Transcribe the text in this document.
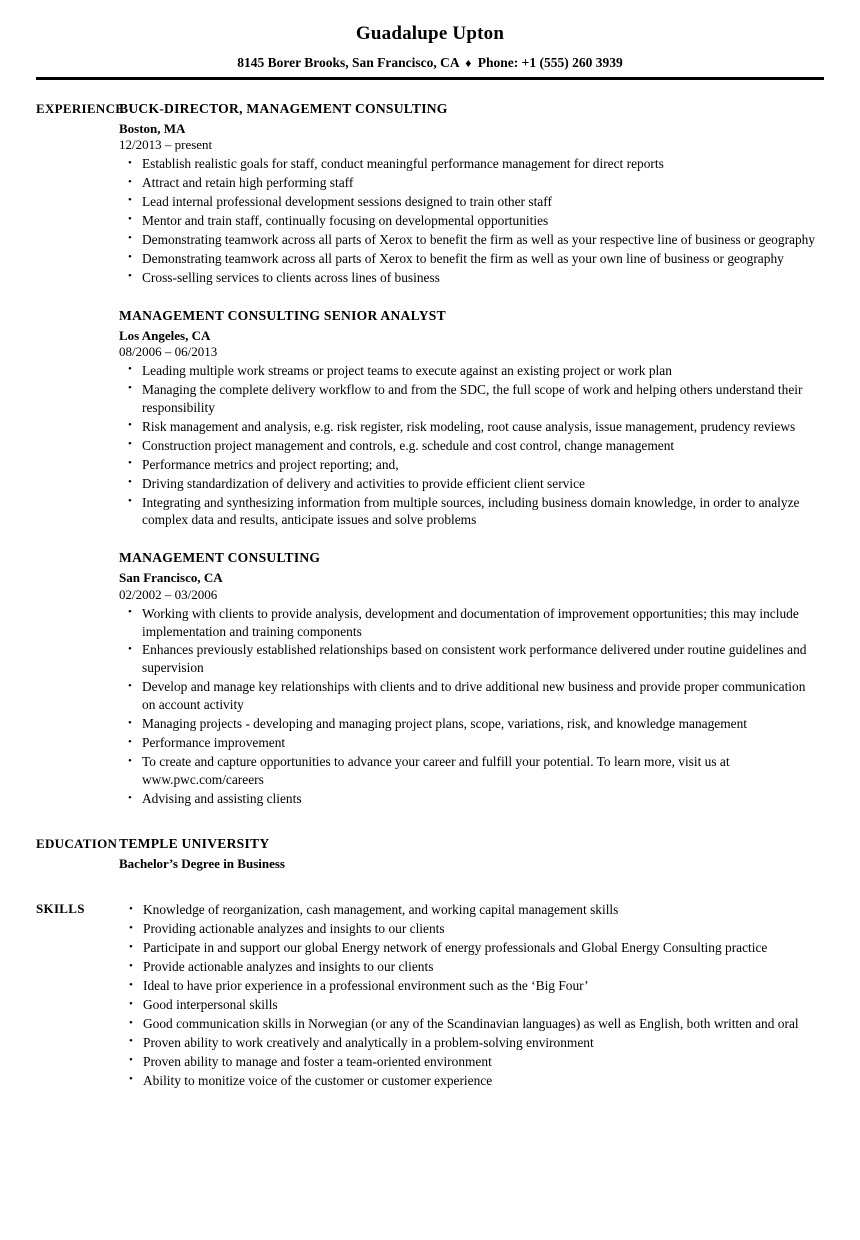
Guadalupe Upton
8145 Borer Brooks, San Francisco, CA ♦ Phone: +1 (555) 260 3939
EXPERIENCE
BUCK-DIRECTOR, MANAGEMENT CONSULTING
Boston, MA
12/2013 – present
• Establish realistic goals for staff, conduct meaningful performance management for direct reports
• Attract and retain high performing staff
• Lead internal professional development sessions designed to train other staff
• Mentor and train staff, continually focusing on developmental opportunities
• Demonstrating teamwork across all parts of Xerox to benefit the firm as well as your respective line of business or geography
• Demonstrating teamwork across all parts of Xerox to benefit the firm as well as your own line of business or geography
• Cross-selling services to clients across lines of business
MANAGEMENT CONSULTING SENIOR ANALYST
Los Angeles, CA
08/2006 – 06/2013
• Leading multiple work streams or project teams to execute against an existing project or work plan
• Managing the complete delivery workflow to and from the SDC, the full scope of work and helping others understand their responsibility
• Risk management and analysis, e.g. risk register, risk modeling, root cause analysis, issue management, prudency reviews
• Construction project management and controls, e.g. schedule and cost control, change management
• Performance metrics and project reporting; and,
• Driving standardization of delivery and activities to provide efficient client service
• Integrating and synthesizing information from multiple sources, including business domain knowledge, in order to analyze complex data and results, anticipate issues and solve problems
MANAGEMENT CONSULTING
San Francisco, CA
02/2002 – 03/2006
• Working with clients to provide analysis, development and documentation of improvement opportunities; this may include implementation and training components
• Enhances previously established relationships based on consistent work performance delivered under routine guidelines and supervision
• Develop and manage key relationships with clients and to drive additional new business and provide proper communication on account activity
• Managing projects - developing and managing project plans, scope, variations, risk, and knowledge management
• Performance improvement
• To create and capture opportunities to advance your career and fulfill your potential. To learn more, visit us at www.pwc.com/careers
• Advising and assisting clients
EDUCATION TEMPLE UNIVERSITY
Bachelor’s Degree in Business
SKILLS	• Knowledge of reorganization, cash management, and working capital management skills
• Providing actionable analyzes and insights to our clients
• Participate in and support our global Energy network of energy professionals and Global Energy Consulting practice
• Provide actionable analyzes and insights to our clients
• Ideal to have prior experience in a professional environment such as the ‘Big Four’
• Good interpersonal skills
• Good communication skills in Norwegian (or any of the Scandinavian languages) as well as English, both written and oral
• Proven ability to work creatively and analytically in a problem-solving environment
• Proven ability to manage and foster a team-oriented environment
• Ability to monitize voice of the customer or customer experience
